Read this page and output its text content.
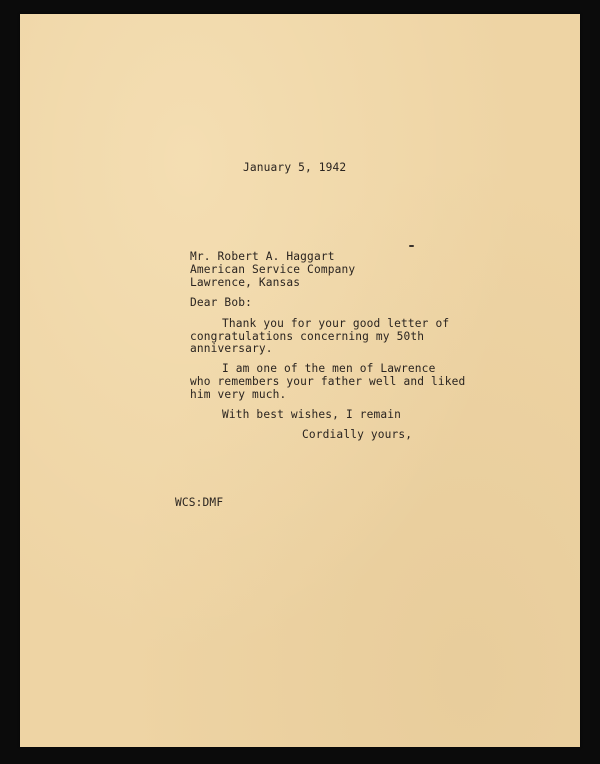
January 5, 1942
Mr. Robert A. Haggart
American Service Company
Lawrence, Kansas
Dear Bob:
Thank you for your good letter of
congratulations concerning my 50th
anniversary.
I am one of the men of Lawrence
who remembers your father well and liked
him very much.
With best wishes, I remain
Cordially yours,
WCS:DMF
